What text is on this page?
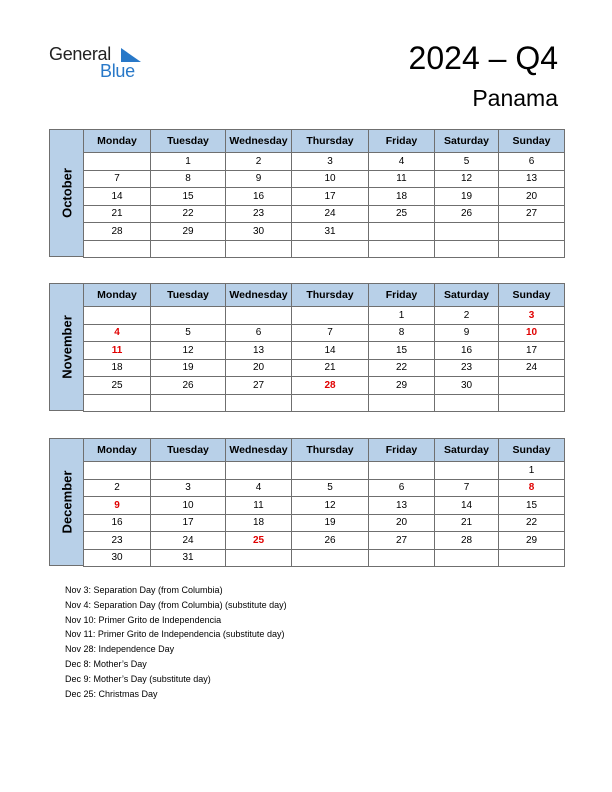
General
Blue	2024 – Q4
Panama
October
Monday	Tuesday	Wednesday	Thursday	Friday	Saturday	Sunday
	1	2	3	4	5	6
7	8	9	10	11	12	13
14	15	16	17	18	19	20
21	22	23	24	25	26	27
28	29	30	31			

November
Monday	Tuesday	Wednesday	Thursday	Friday	Saturday	Sunday
				1	2	3
4	5	6	7	8	9	10
11	12	13	14	15	16	17
18	19	20	21	22	23	24
25	26	27	28	29	30	

December
Monday	Tuesday	Wednesday	Thursday	Friday	Saturday	Sunday
						1
2	3	4	5	6	7	8
9	10	11	12	13	14	15
16	17	18	19	20	21	22
23	24	25	26	27	28	29
30	31					
Nov 3: Separation Day (from Columbia)
Nov 4: Separation Day (from Columbia) (substitute day)
Nov 10: Primer Grito de Independencia
Nov 11: Primer Grito de Independencia (substitute day)
Nov 28: Independence Day
Dec 8: Mother’s Day
Dec 9: Mother’s Day (substitute day)
Dec 25: Christmas Day
